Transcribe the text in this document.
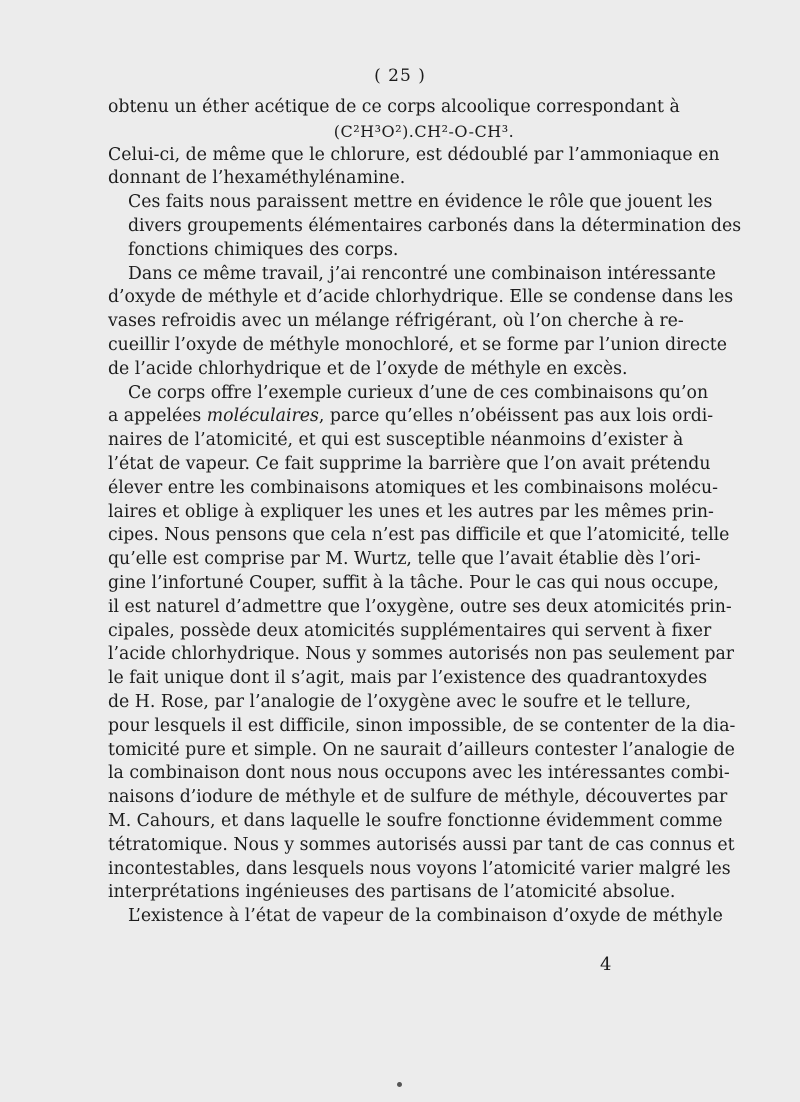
( 25 )

obtenu un éther acétique de ce corps alcoolique correspondant à

(C²H³O²).CH²-O-CH³.

Celui-ci, de même que le chlorure, est dédoublé par l’ammoniaque en
donnant de l’hexaméthylénamine.

Ces faits nous paraissent mettre en évidence le rôle que jouent les
divers groupements élémentaires carbonés dans la détermination des
fonctions chimiques des corps.

Dans ce même travail, j’ai rencontré une combinaison intéressante
d’oxyde de méthyle et d’acide chlorhydrique. Elle se condense dans les
vases refroidis avec un mélange réfrigérant, où l’on cherche à re-
cueillir l’oxyde de méthyle monochloré, et se forme par l’union directe
de l’acide chlorhydrique et de l’oxyde de méthyle en excès.

Ce corps offre l’exemple curieux d’une de ces combinaisons qu’on
a appelées moléculaires, parce qu’elles n’obéissent pas aux lois ordi-
naires de l’atomicité, et qui est susceptible néanmoins d’exister à
l’état de vapeur. Ce fait supprime la barrière que l’on avait prétendu
élever entre les combinaisons atomiques et les combinaisons molécu-
laires et oblige à expliquer les unes et les autres par les mêmes prin-
cipes. Nous pensons que cela n’est pas difficile et que l’atomicité, telle
qu’elle est comprise par M. Wurtz, telle que l’avait établie dès l’ori-
gine l’infortuné Couper, suffit à la tâche. Pour le cas qui nous occupe,
il est naturel d’admettre que l’oxygène, outre ses deux atomicités prin-
cipales, possède deux atomicités supplémentaires qui servent à fixer
l’acide chlorhydrique. Nous y sommes autorisés non pas seulement par
le fait unique dont il s’agit, mais par l’existence des quadrantoxydes
de H. Rose, par l’analogie de l’oxygène avec le soufre et le tellure,
pour lesquels il est difficile, sinon impossible, de se contenter de la dia-
tomicité pure et simple. On ne saurait d’ailleurs contester l’analogie de
la combinaison dont nous nous occupons avec les intéressantes combi-
naisons d’iodure de méthyle et de sulfure de méthyle, découvertes par
M. Cahours, et dans laquelle le soufre fonctionne évidemment comme
tétratomique. Nous y sommes autorisés aussi par tant de cas connus et
incontestables, dans lesquels nous voyons l’atomicité varier malgré les
interprétations ingénieuses des partisans de l’atomicité absolue.

L’existence à l’état de vapeur de la combinaison d’oxyde de méthyle

4
